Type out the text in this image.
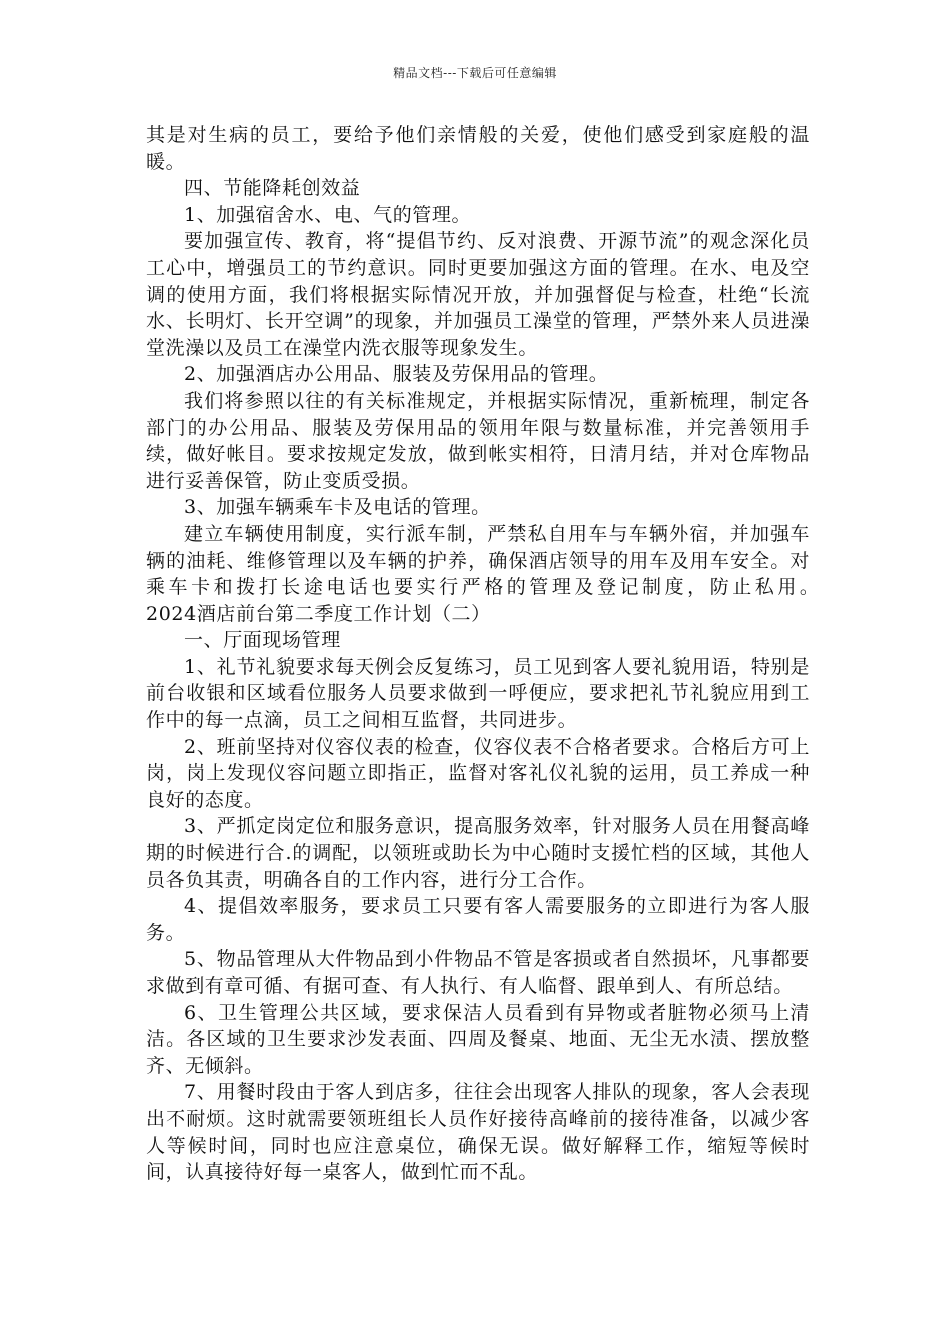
精品文档---下载后可任意编辑

其是对生病的员工，要给予他们亲情般的关爱，使他们感受到家庭般的温暖。

四、节能降耗创效益

1、加强宿舍水、电、气的管理。

要加强宣传、教育，将“提倡节约、反对浪费、开源节流”的观念深化员工心中，增强员工的节约意识。同时更要加强这方面的管理。在水、电及空调的使用方面，我们将根据实际情况开放，并加强督促与检查，杜绝“长流水、长明灯、长开空调”的现象，并加强员工澡堂的管理，严禁外来人员进澡堂洗澡以及员工在澡堂内洗衣服等现象发生。

2、加强酒店办公用品、服装及劳保用品的管理。

我们将参照以往的有关标准规定，并根据实际情况，重新梳理，制定各部门的办公用品、服装及劳保用品的领用年限与数量标准，并完善领用手续，做好帐目。要求按规定发放，做到帐实相符，日清月结，并对仓库物品进行妥善保管，防止变质受损。

3、加强车辆乘车卡及电话的管理。

建立车辆使用制度，实行派车制，严禁私自用车与车辆外宿，并加强车辆的油耗、维修管理以及车辆的护养，确保酒店领导的用车及用车安全。对乘车卡和拨打长途电话也要实行严格的管理及登记制度，防止私用。　　2024酒店前台第二季度工作计划（二）

一、厅面现场管理

1、礼节礼貌要求每天例会反复练习，员工见到客人要礼貌用语，特别是前台收银和区域看位服务人员要求做到一呼便应，要求把礼节礼貌应用到工作中的每一点滴，员工之间相互监督，共同进步。

2、班前坚持对仪容仪表的检查，仪容仪表不合格者要求。合格后方可上岗，岗上发现仪容问题立即指正，监督对客礼仪礼貌的运用，员工养成一种良好的态度。

3、严抓定岗定位和服务意识，提高服务效率，针对服务人员在用餐高峰期的时候进行合.的调配，以领班或助长为中心随时支援忙档的区域，其他人员各负其责，明确各自的工作内容，进行分工合作。

4、提倡效率服务，要求员工只要有客人需要服务的立即进行为客人服务。

5、物品管理从大件物品到小件物品不管是客损或者自然损坏，凡事都要求做到有章可循、有据可查、有人执行、有人临督、跟单到人、有所总结。

6、卫生管理公共区域，要求保洁人员看到有异物或者脏物必须马上清洁。各区域的卫生要求沙发表面、四周及餐桌、地面、无尘无水渍、摆放整齐、无倾斜。

7、用餐时段由于客人到店多，往往会出现客人排队的现象，客人会表现出不耐烦。这时就需要领班组长人员作好接待高峰前的接待准备，以减少客人等候时间，同时也应注意桌位，确保无误。做好解释工作，缩短等候时间，认真接待好每一桌客人，做到忙而不乱。
